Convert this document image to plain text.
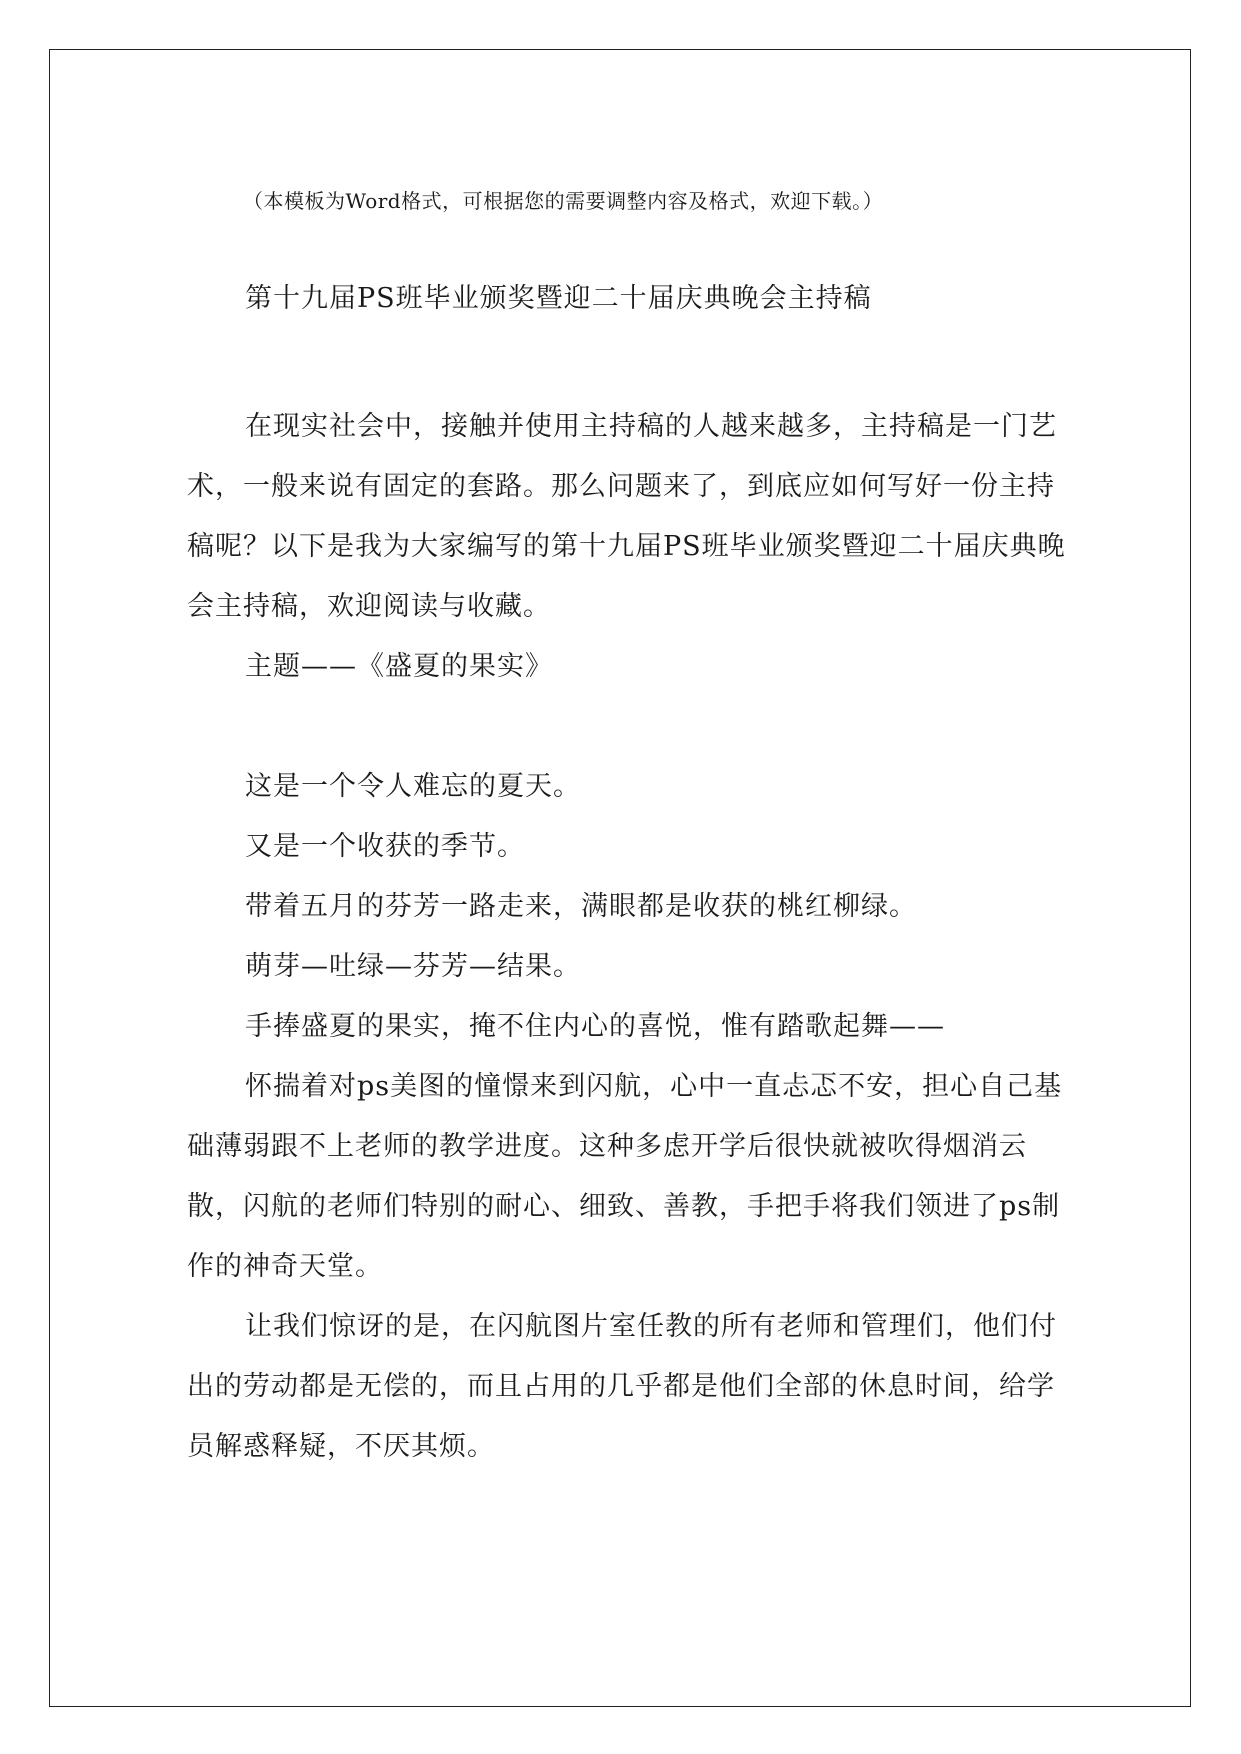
（本模板为Word格式，可根据您的需要调整内容及格式，欢迎下载。）

第十九届PS班毕业颁奖暨迎二十届庆典晚会主持稿

在现实社会中，接触并使用主持稿的人越来越多，主持稿是一门艺术，一般来说有固定的套路。那么问题来了，到底应如何写好一份主持稿呢？以下是我为大家编写的第十九届PS班毕业颁奖暨迎二十届庆典晚会主持稿，欢迎阅读与收藏。

主题——《盛夏的果实》

这是一个令人难忘的夏天。

又是一个收获的季节。

带着五月的芬芳一路走来，满眼都是收获的桃红柳绿。

萌芽—吐绿—芬芳—结果。

手捧盛夏的果实，掩不住内心的喜悦，惟有踏歌起舞——

怀揣着对ps美图的憧憬来到闪航，心中一直忐忑不安，担心自己基础薄弱跟不上老师的教学进度。这种多虑开学后很快就被吹得烟消云散，闪航的老师们特别的耐心、细致、善教，手把手将我们领进了ps制作的神奇天堂。

让我们惊讶的是，在闪航图片室任教的所有老师和管理们，他们付出的劳动都是无偿的，而且占用的几乎都是他们全部的休息时间，给学员解惑释疑，不厌其烦。
